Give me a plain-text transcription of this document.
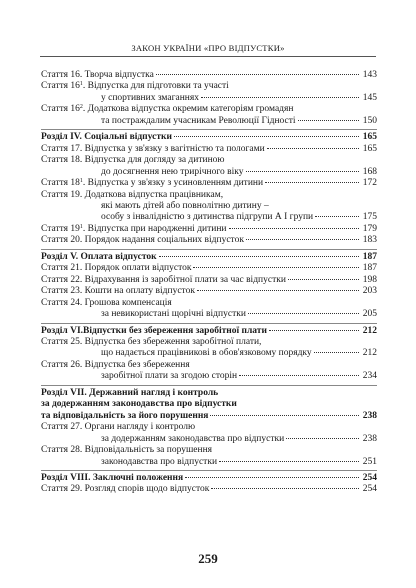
ЗАКОН УКРАЇНИ «ПРО ВІДПУСТКИ»
Стаття 16. Творча відпустка	143
Стаття $16^1$. Відпустка для підготовки та участі
у спортивних змаганнях	145
Стаття $16^2$. Додаткова відпустка окремим категоріям громадян
та постраждалим учасникам Революції Гідності	150
Розділ IV. Соціальні відпустки	165
Стаття 17. Відпустка у зв'язку з вагітністю та пологами	165
Стаття 18. Відпустка для догляду за дитиною
до досягнення нею трирічного віку	168
Стаття $18^1$. Відпустка у зв'язку з усиновленням дитини	172
Стаття 19. Додаткова відпустка працівникам,
які мають дітей або повнолітню дитину –
особу з інвалідністю з дитинства підгрупи А I групи	175
Стаття $19^1$. Відпустка при народженні дитини	179
Стаття 20. Порядок надання соціальних відпусток	183
Розділ V. Оплата відпусток	187
Стаття 21. Порядок оплати відпусток	187
Стаття 22. Відрахування із заробітної плати за час відпустки	198
Стаття 23. Кошти на оплату відпусток	203
Стаття 24. Грошова компенсація
за невикористані щорічні відпустки	205
Розділ VI.Відпустки без збереження заробітної плати	212
Стаття 25. Відпустка без збереження заробітної плати,
що надається працівникові в обов'язковому порядку	212
Стаття 26. Відпустка без збереження
заробітної плати за згодою сторін	234
Розділ VII. Державний нагляд і контроль
за додержанням законодавства про відпустки
та відповідальність за його порушення	238
Стаття 27. Органи нагляду і контролю
за додержанням законодавства про відпустки	238
Стаття 28. Відповідальність за порушення
законодавства про відпустки	251
Розділ VIII. Заключні положення	254
Стаття 29. Розгляд спорів щодо відпусток	254
259
